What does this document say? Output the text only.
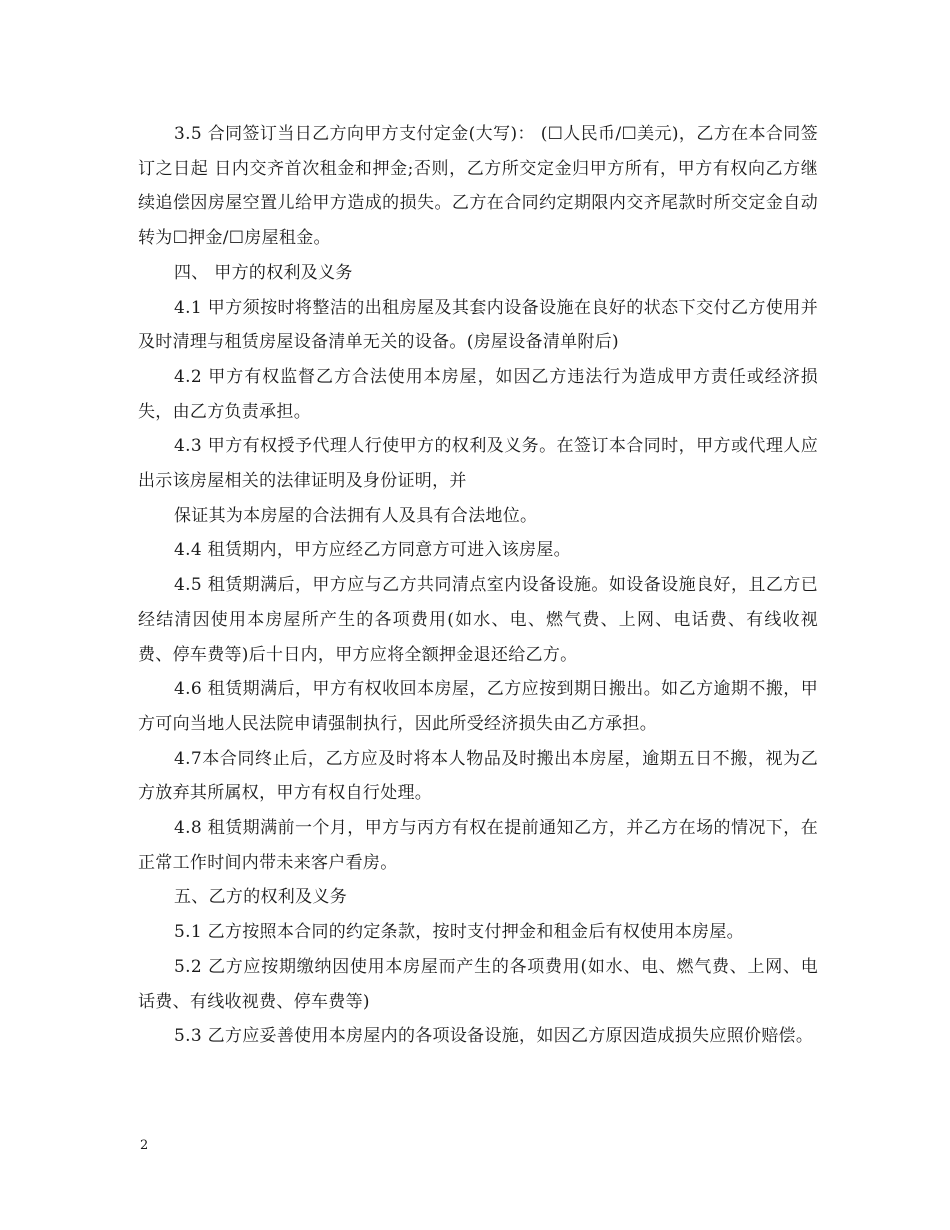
3.5 合同签订当日乙方向甲方支付定金(大写)： (☐人民币/☐美元)，乙方在本合同签订之日起 日内交齐首次租金和押金;否则，乙方所交定金归甲方所有，甲方有权向乙方继续追偿因房屋空置儿给甲方造成的损失。乙方在合同约定期限内交齐尾款时所交定金自动转为☐押金/☐房屋租金。

四、 甲方的权利及义务

4.1 甲方须按时将整洁的出租房屋及其套内设备设施在良好的状态下交付乙方使用并及时清理与租赁房屋设备清单无关的设备。(房屋设备清单附后)

4.2 甲方有权监督乙方合法使用本房屋，如因乙方违法行为造成甲方责任或经济损失，由乙方负责承担。

4.3 甲方有权授予代理人行使甲方的权利及义务。在签订本合同时，甲方或代理人应出示该房屋相关的法律证明及身份证明，并

保证其为本房屋的合法拥有人及具有合法地位。

4.4 租赁期内，甲方应经乙方同意方可进入该房屋。

4.5 租赁期满后，甲方应与乙方共同清点室内设备设施。如设备设施良好，且乙方已经结清因使用本房屋所产生的各项费用(如水、电、燃气费、上网、电话费、有线收视费、停车费等)后十日内，甲方应将全额押金退还给乙方。

4.6 租赁期满后，甲方有权收回本房屋，乙方应按到期日搬出。如乙方逾期不搬，甲方可向当地人民法院申请强制执行，因此所受经济损失由乙方承担。

4.7本合同终止后，乙方应及时将本人物品及时搬出本房屋，逾期五日不搬，视为乙方放弃其所属权，甲方有权自行处理。

4.8 租赁期满前一个月，甲方与丙方有权在提前通知乙方，并乙方在场的情况下，在正常工作时间内带未来客户看房。

五、乙方的权利及义务

5.1 乙方按照本合同的约定条款，按时支付押金和租金后有权使用本房屋。

5.2 乙方应按期缴纳因使用本房屋而产生的各项费用(如水、电、燃气费、上网、电话费、有线收视费、停车费等)

5.3 乙方应妥善使用本房屋内的各项设备设施，如因乙方原因造成损失应照价赔偿。

2
